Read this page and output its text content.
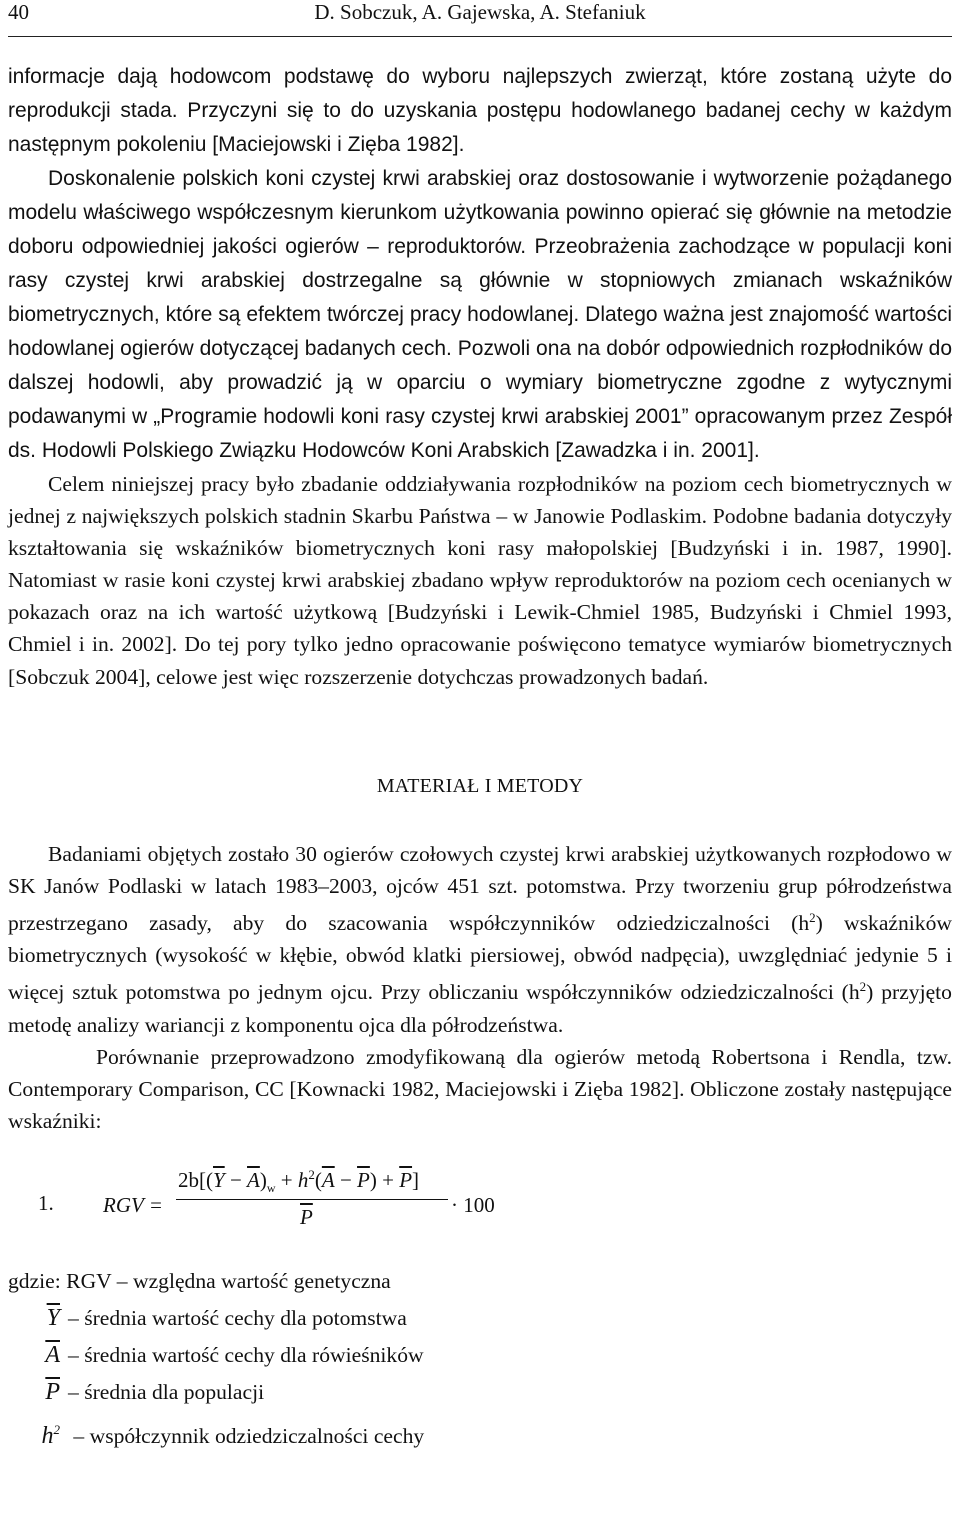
40	D. Sobczuk, A. Gajewska, A. Stefaniuk

informacje dają hodowcom podstawę do wyboru najlepszych zwierząt, które zostaną użyte do reprodukcji stada. Przyczyni się to do uzyskania postępu hodowlanego badanej cechy w każdym następnym pokoleniu [Maciejowski i Zięba 1982].

Doskonalenie polskich koni czystej krwi arabskiej oraz dostosowanie i wytworzenie pożądanego modelu właściwego współczesnym kierunkom użytkowania powinno opierać się głównie na metodzie doboru odpowiedniej jakości ogierów – reproduktorów. Przeobrażenia zachodzące w populacji koni rasy czystej krwi arabskiej dostrzegalne są głównie w stopniowych zmianach wskaźników biometrycznych, które są efektem twórczej pracy hodowlanej. Dlatego ważna jest znajomość wartości hodowlanej ogierów dotyczącej badanych cech. Pozwoli ona na dobór odpowiednich rozpłodników do dalszej hodowli, aby prowadzić ją w oparciu o wymiary biometryczne zgodne z wytycznymi podawanymi w „Programie hodowli koni rasy czystej krwi arabskiej 2001” opracowanym przez Zespół ds. Hodowli Polskiego Związku Hodowców Koni Arabskich [Zawadzka i in. 2001].

Celem niniejszej pracy było zbadanie oddziaływania rozpłodników na poziom cech biometrycznych w jednej z największych polskich stadnin Skarbu Państwa – w Janowie Podlaskim. Podobne badania dotyczyły kształtowania się wskaźników biometrycznych koni rasy małopolskiej [Budzyński i in. 1987, 1990]. Natomiast w rasie koni czystej krwi arabskiej zbadano wpływ reproduktorów na poziom cech ocenianych w pokazach oraz na ich wartość użytkową [Budzyński i Lewik-Chmiel 1985, Budzyński i Chmiel 1993, Chmiel i in. 2002]. Do tej pory tylko jedno opracowanie poświęcono tematyce wymiarów biometrycznych [Sobczuk 2004], celowe jest więc rozszerzenie dotychczas prowadzonych badań.

MATERIAŁ I METODY

Badaniami objętych zostało 30 ogierów czołowych czystej krwi arabskiej użytkowanych rozpłodowo w SK Janów Podlaski w latach 1983–2003, ojców 451 szt. potomstwa. Przy tworzeniu grup półrodzeństwa przestrzegano zasady, aby do szacowania współczynników odziedziczalności $(h^2)$ wskaźników biometrycznych (wysokość w kłębie, obwód klatki piersiowej, obwód nadpęcia), uwzględniać jedynie 5 i więcej sztuk potomstwa po jednym ojcu. Przy obliczaniu współczynników odziedziczalności $(h^2)$ przyjęto metodę analizy wariancji z komponentu ojca dla półrodzeństwa.

Porównanie przeprowadzono zmodyfikowaną dla ogierów metodą Robertsona i Rendla, tzw. Contemporary Comparison, CC [Kownacki 1982, Maciejowski i Zięba 1982]. Obliczone zostały następujące wskaźniki:

1. RGV =
$2b[(\overline{Y} - \overline{A})_w + h^2(\overline{A} - \overline{P}) + \overline{P}]$
$\overline{P}$	· 100
gdzie: RGV – względna wartość genetyczna
$\overline{Y}$ – średnia wartość cechy dla potomstwa
$\overline{A}$ – średnia wartość cechy dla rówieśników
$\overline{P}$ – średnia dla populacji
$h^2$ – współczynnik odziedziczalności cechy
